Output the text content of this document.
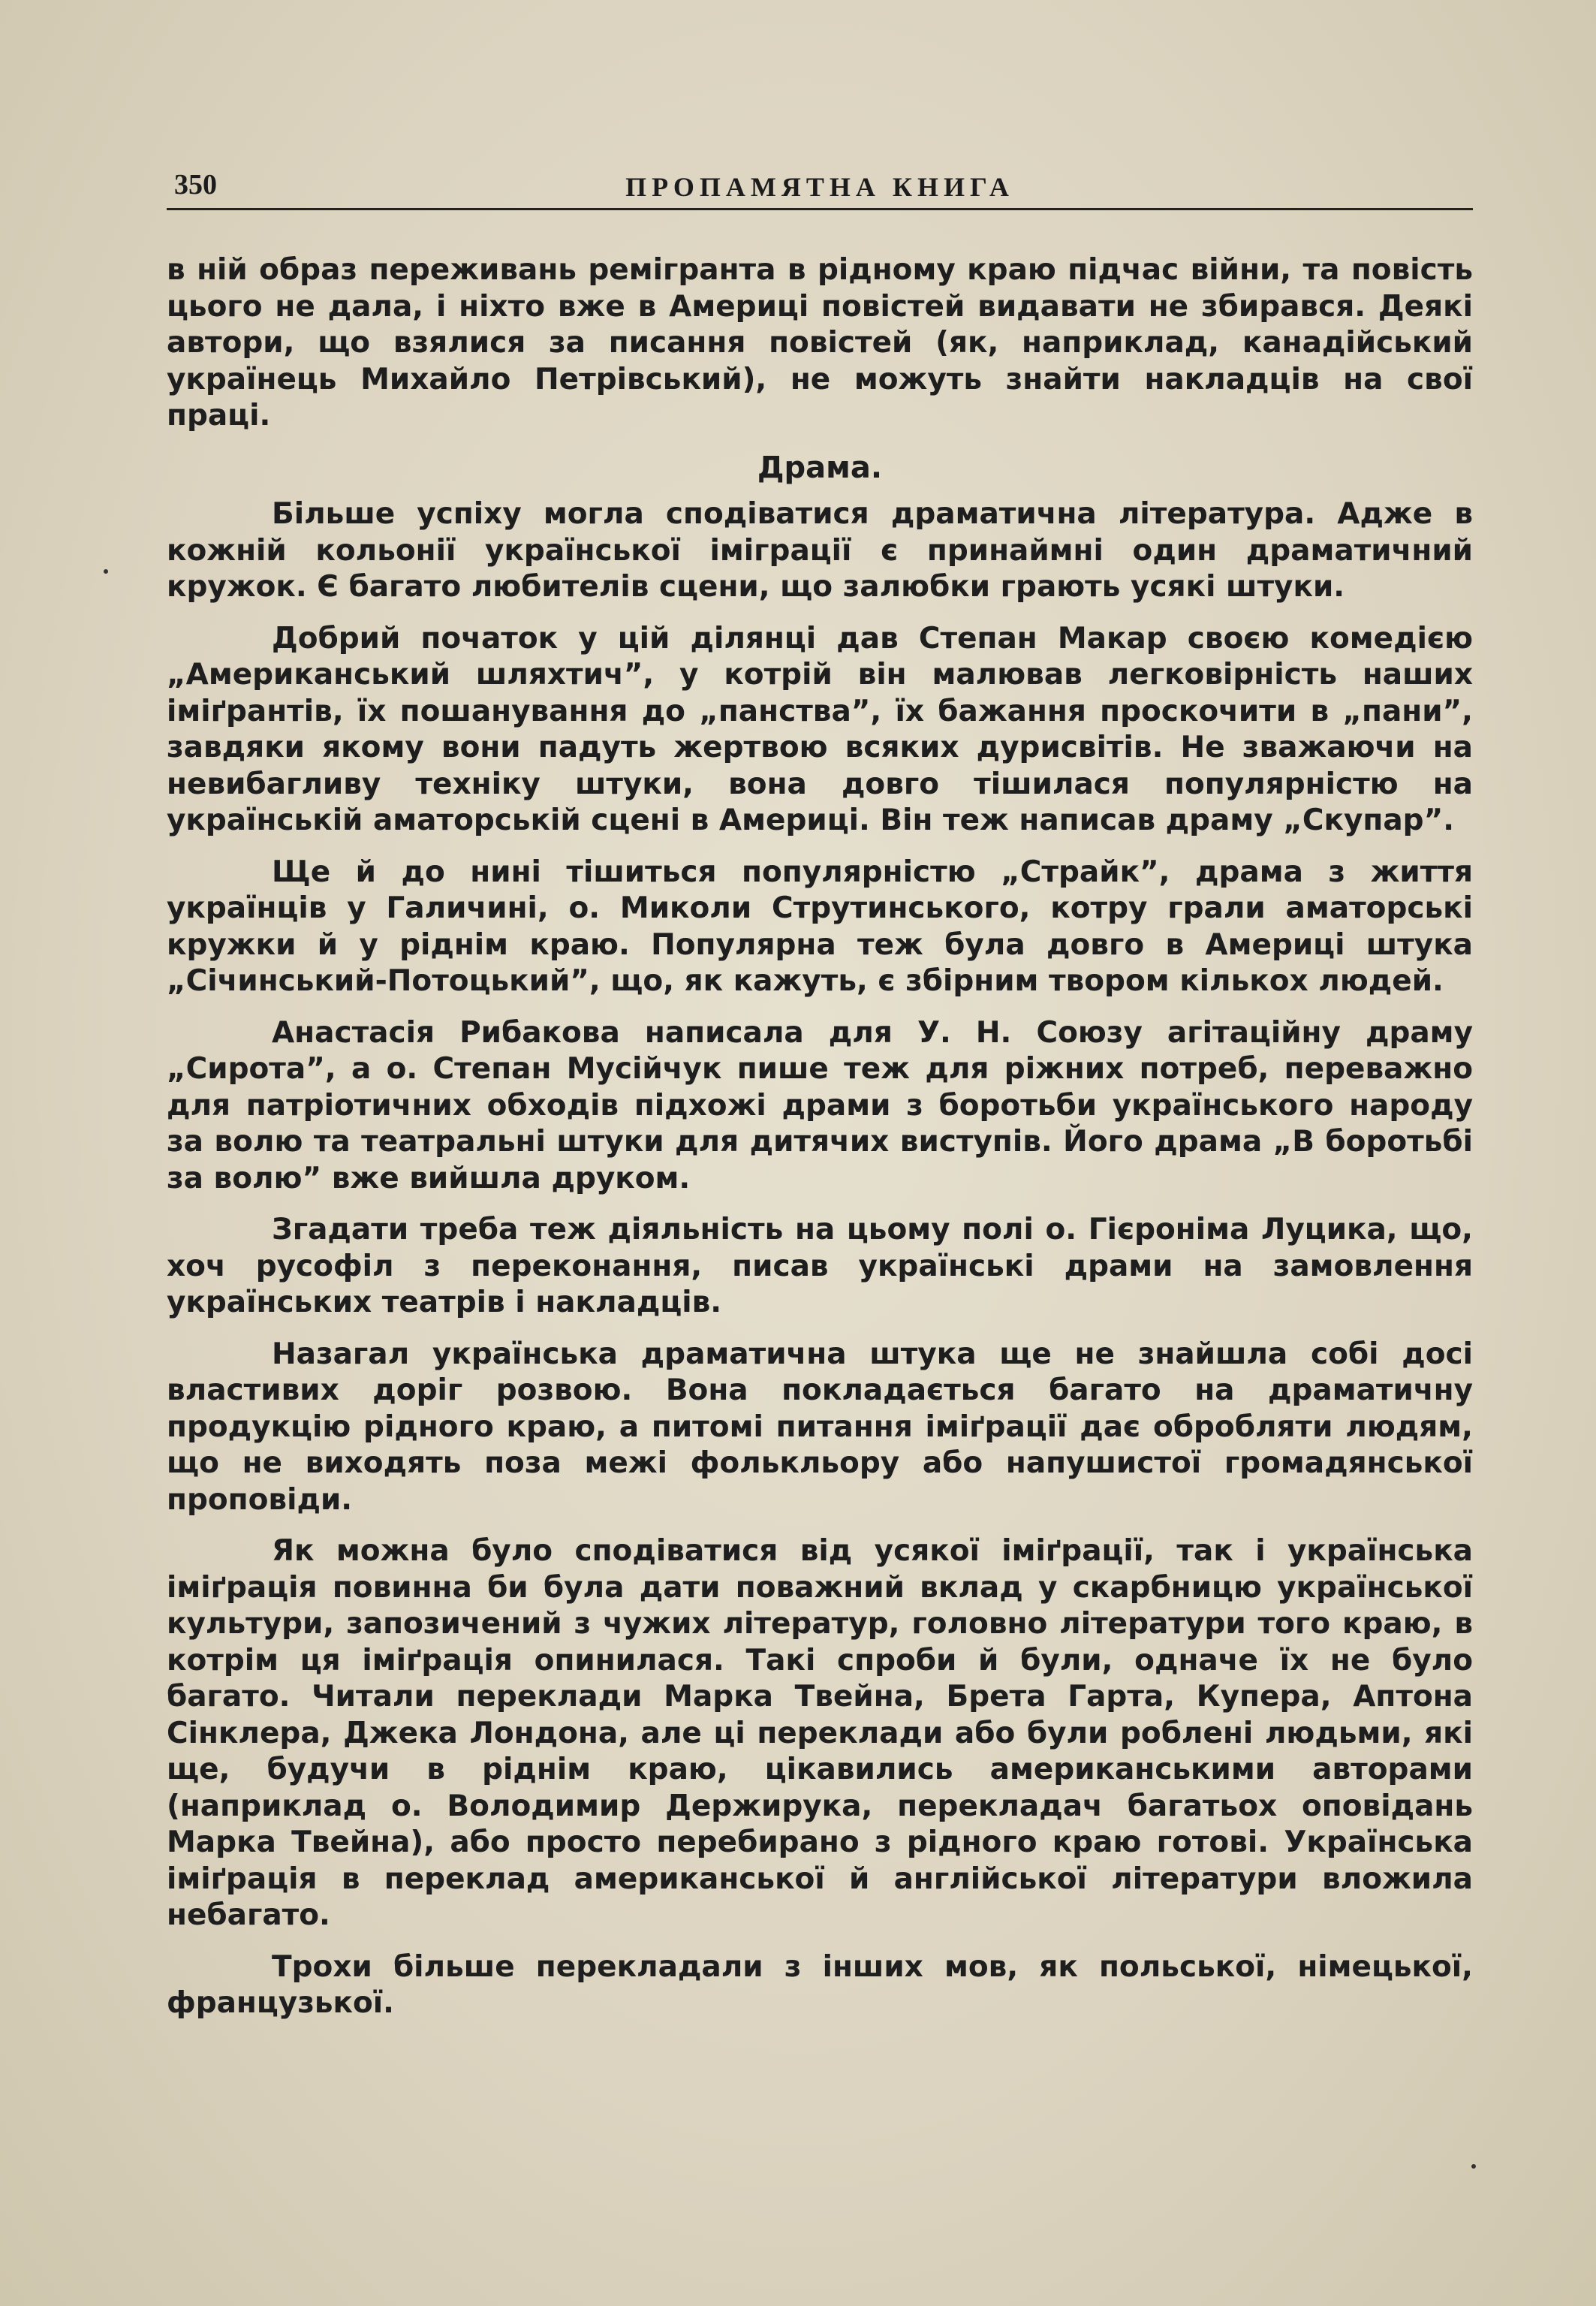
350	ПРОПАМЯТНА КНИГА

в ній образ переживань ремігранта в рідному краю підчас війни, та повість цього не дала, і ніхто вже в Америці повістей видавати не збирався. Деякі автори, що взялися за писання повістей (як, наприклад, канадійський українець Михайло Петрівський), не можуть знайти накладців на свої праці.

Драма.

Більше успіху могла сподіватися драматична література. Адже в кожній кольонії української імігpації є принаймні один драматичний кружок. Є багато любителів сцени, що залюбки грають усякі штуки.

Добрий початок у цій ділянці дав Степан Макар своєю комедією „Американський шляхтич”, у котрій він малював легковірність наших іміґрантів, їх пошанування до „панства”, їх бажання проскочити в „пани”, завдяки якому вони падуть жертвою всяких дурисвітів. Не зважаючи на невибагливу техніку штуки, вона довго тішилася популярністю на українській аматорській сцені в Америці. Він теж написав драму „Скупар”.

Ще й до нині тішиться популярністю „Страйк”, драма з життя українців у Галичині, о. Миколи Струтинського, котру грали аматорські кружки й у ріднім краю. Популярна теж була довго в Америці штука „Січинський-Потоцький”, що, як кажуть, є збірним твором кількох людей.

Анастасія Рибакова написала для У. Н. Союзу агітаційну драму „Сирота”, а о. Степан Мусійчук пише теж для ріжних потреб, переважно для патріотичних обходів підхожі драми з боротьби українського народу за волю та театральні штуки для дитячих виступів. Його драма „В боротьбі за волю” вже вийшла друком.

Згадати треба теж діяльність на цьому полі о. Гієроніма Луцика, що, хоч русофіл з переконання, писав українські драми на замовлення українських театрів і накладців.

Назагал українська драматична штука ще не знайшла собі досі властивих доріг розвою. Вона покладається багато на драматичну продукцію рідного краю, а питомі питання іміґрації дає обробляти людям, що не виходять поза межі фолькльору або напушистої громадянської проповіди.

Як можна було сподіватися від усякої іміґрації, так і українська іміґрація повинна би була дати поважний вклад у скарбницю української культури, запозичений з чужих літератур, головно літератури того краю, в котрім ця іміґрація опинилася. Такі спроби й були, одначе їх не було багато. Читали переклади Марка Твейна, Брета Гарта, Купера, Аптона Сінклера, Джека Лондона, але ці переклади або були роблені людьми, які ще, будучи в ріднім краю, цікавились американськими авторами (наприклад о. Володимир Держирука, перекладач багатьох оповідань Марка Твейна), або просто перебирано з рідного краю готові. Українська іміґрація в переклад американської й англійської літератури вложила небагато.

Трохи більше перекладали з інших мов, як польської, німецької, французької.
